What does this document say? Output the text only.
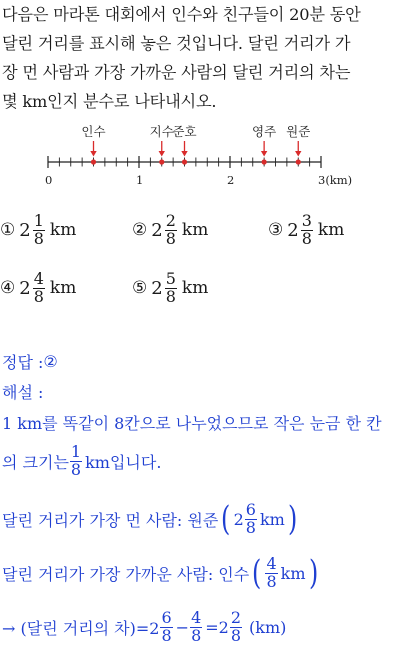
다음은 마라톤 대회에서 인수와 친구들이 20분 동안
달린 거리를 표시해 놓은 것입니다. 달린 거리가 가
장 먼 사람과 가장 가까운 사람의 달린 거리의 차는
몇 km인지 분수로 나타내시오.
0	1	2	3(km)
인수	지수
준호	영주 원준
① $2 \frac{1}{8}$ km	② $2 \frac{2}{8}$ km	③ $2 \frac{3}{8}$ km
④ $2 \frac{4}{8}$ km	⑤ $2 \frac{5}{8}$ km
정답 : ②
해설 :
1 km를 똑같이 8칸으로 나누었으므로 작은 눈금 한 칸
의 크기는 $\frac{1}{8}$ km입니다.
달린 거리가 가장 먼 사람: 원준 ( $2 \frac{6}{8}$ km )
달린 거리가 가장 가까운 사람: 인수 ( $\frac{4}{8}$ km )
→ (달린 거리의 차)$=2 \frac{6}{8} - \frac{4}{8} =2 \frac{2}{8} (km)$
